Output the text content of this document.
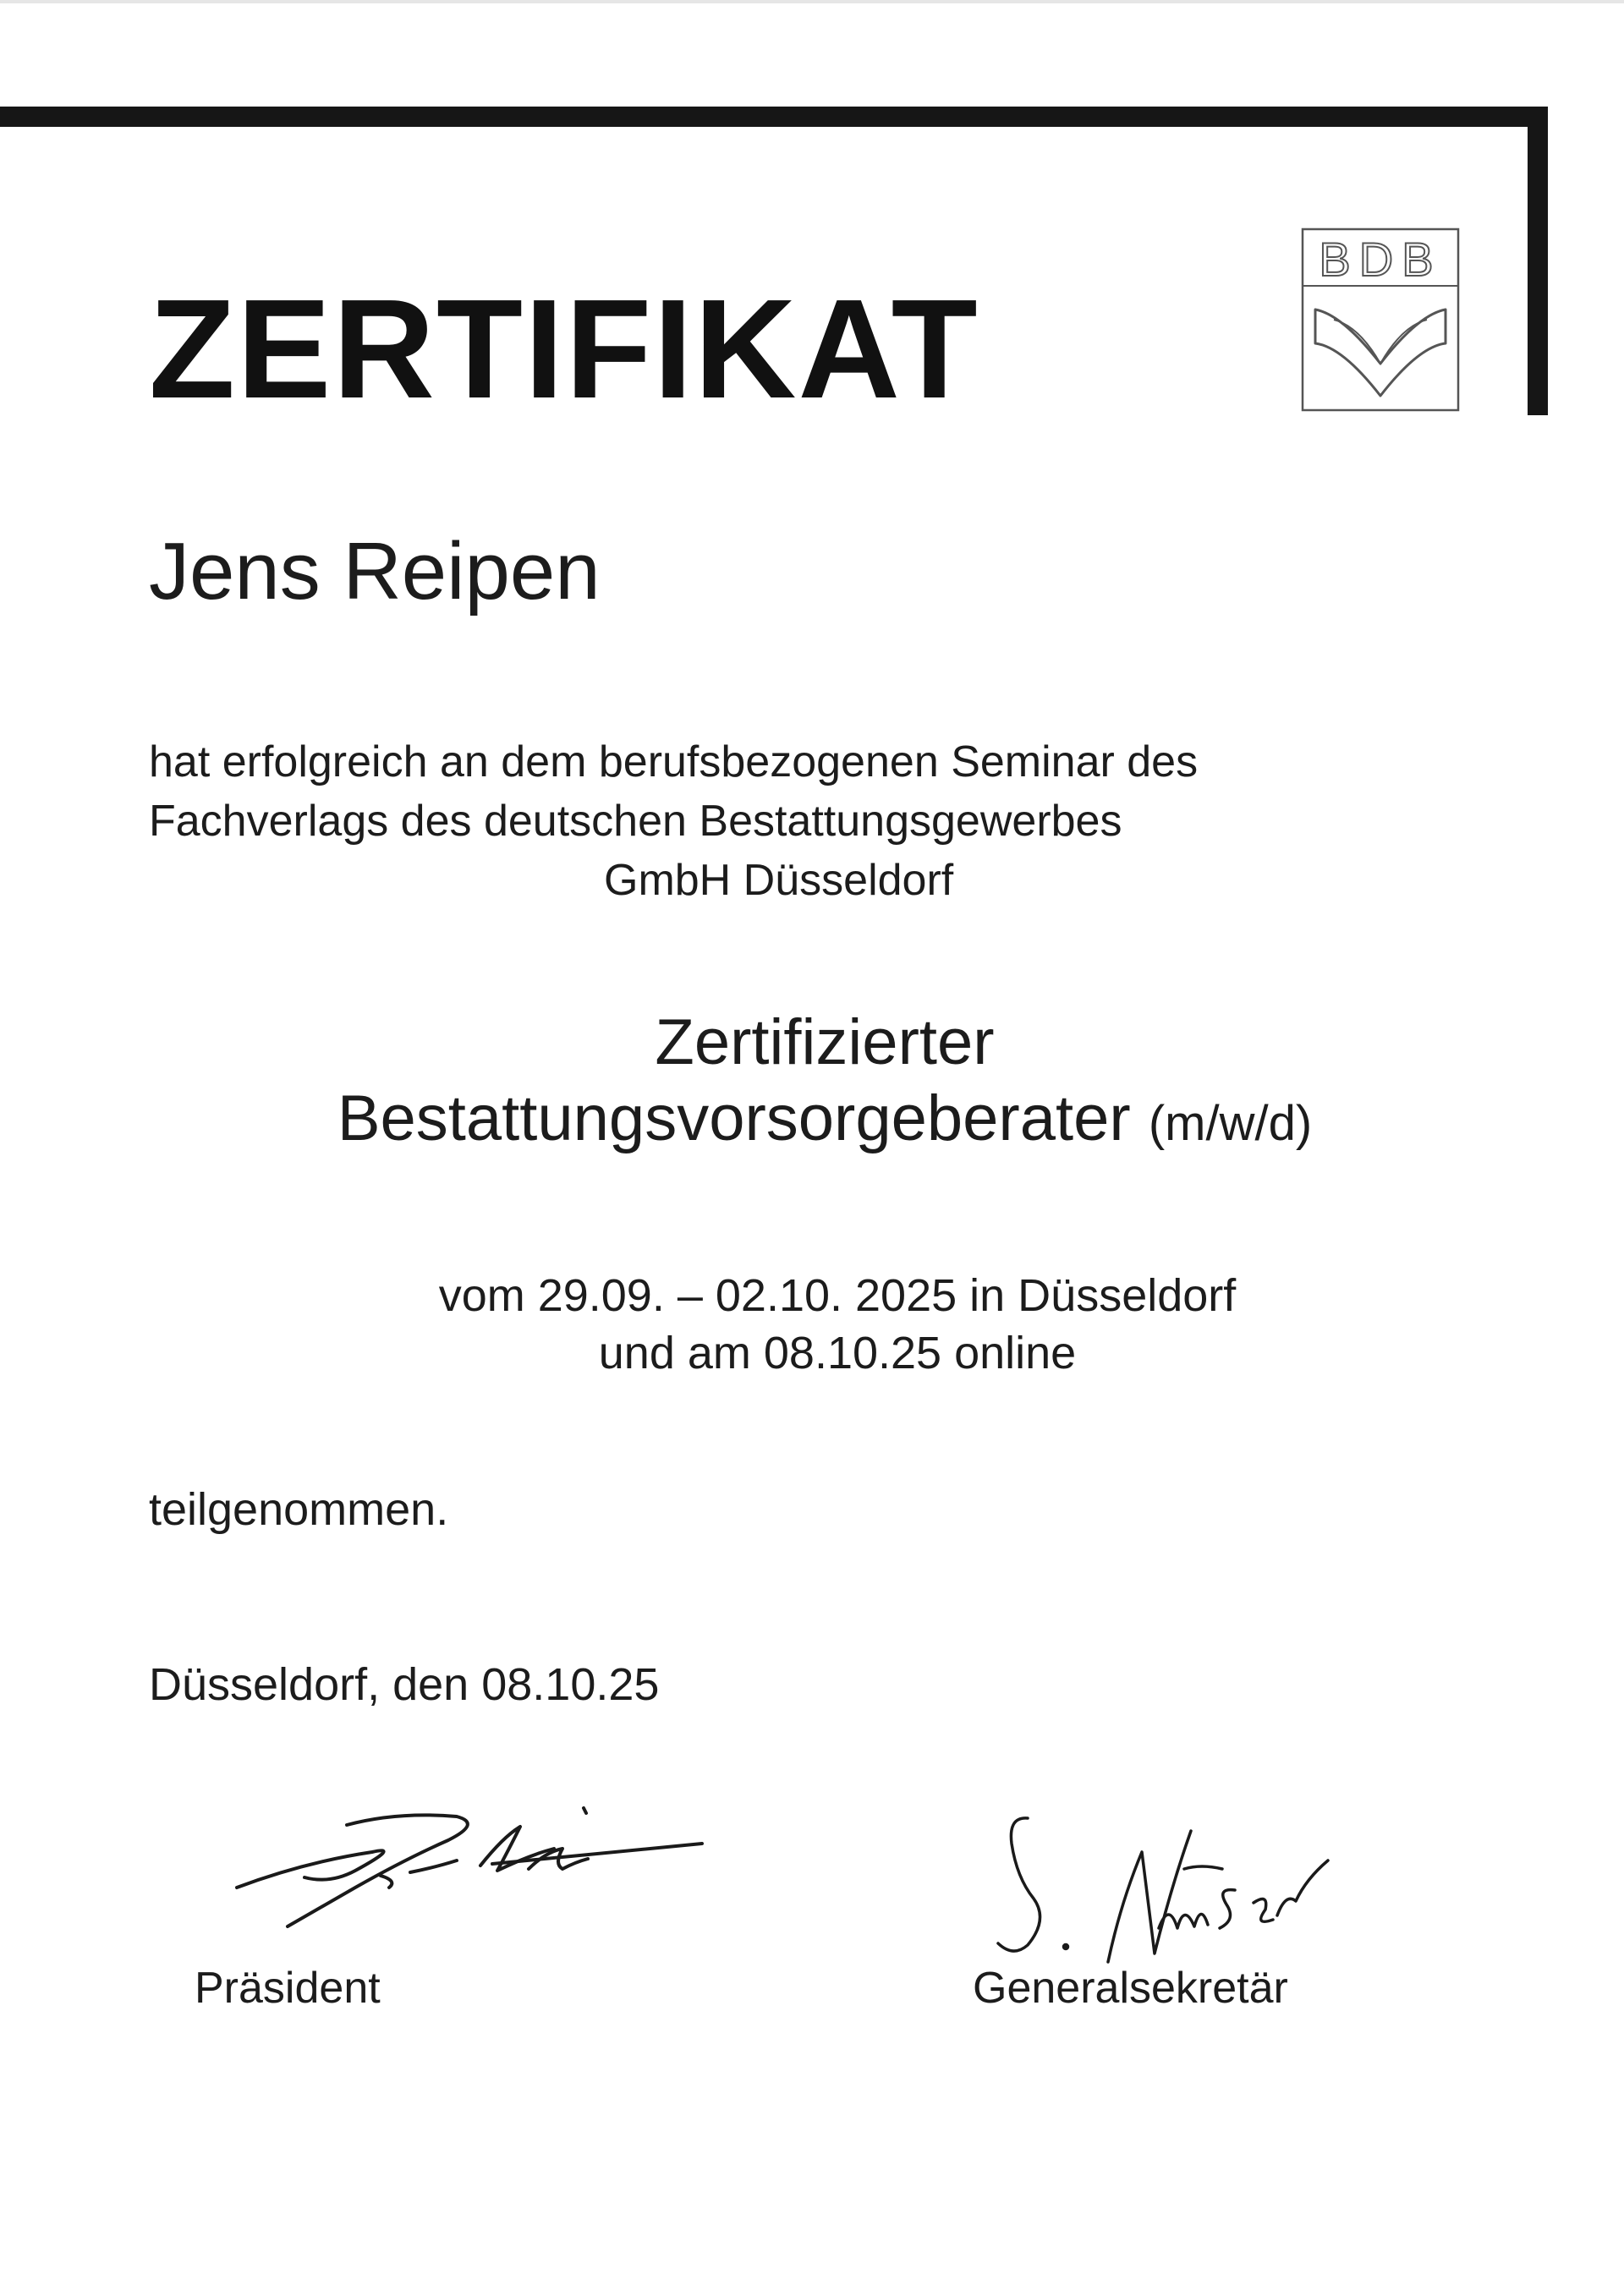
ZERTIFIKAT
BDB
Jens Reipen
hat erfolgreich an dem berufsbezogenen Seminar des
Fachverlags des deutschen Bestattungsgewerbes
GmbH Düsseldorf
Zertifizierter
Bestattungsvorsorgeberater (m/w/d)
vom 29.09. – 02.10. 2025 in Düsseldorf
und am 08.10.25 online
teilgenommen.
Düsseldorf, den 08.10.25
Präsident	Generalsekretär
